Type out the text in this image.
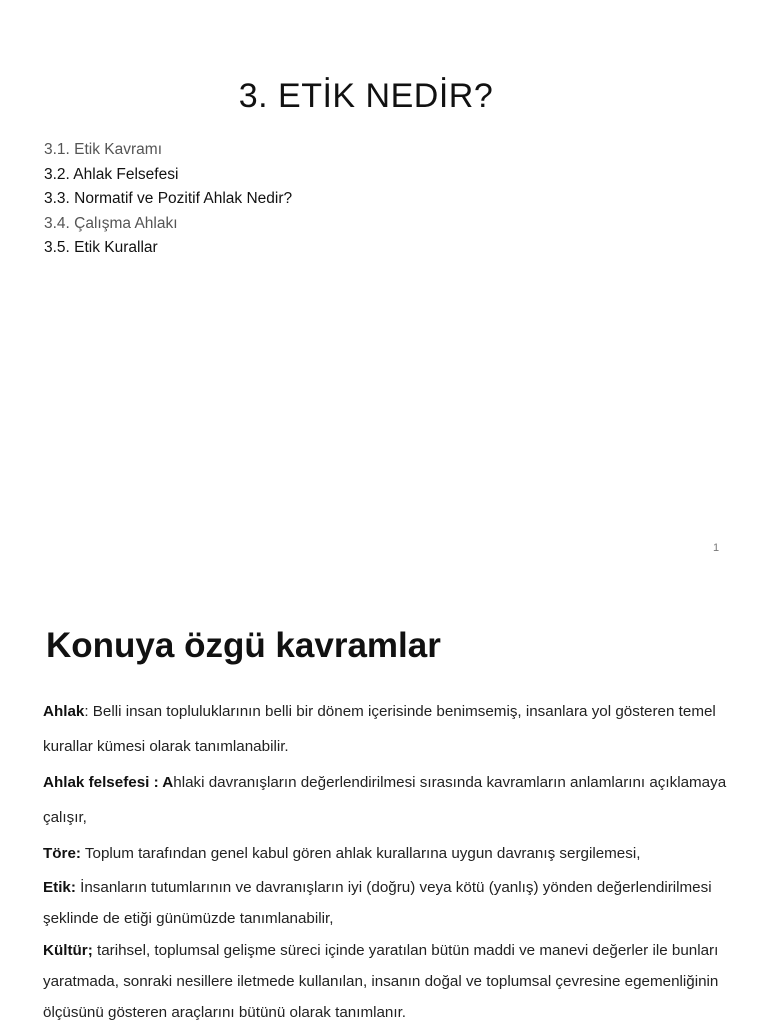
3. ETİK NEDİR?
3.1. Etik Kavramı
3.2. Ahlak Felsefesi
3.3. Normatif ve Pozitif Ahlak Nedir?
3.4. Çalışma Ahlakı
3.5. Etik Kurallar
1
Konuya özgü kavramlar

Ahlak: Belli insan topluluklarının belli bir dönem içerisinde benimsemiş, insanlara yol gösteren temel kurallar kümesi olarak tanımlanabilir.

Ahlak felsefesi : Ahlaki davranışların değerlendirilmesi sırasında kavramların anlamlarını açıklamaya çalışır,

Töre: Toplum tarafından genel kabul gören ahlak kurallarına uygun davranış sergilemesi,

Etik: İnsanların tutumlarının ve davranışların iyi (doğru) veya kötü (yanlış) yönden değerlendirilmesi şeklinde de etiği günümüzde tanımlanabilir,

Kültür; tarihsel, toplumsal gelişme süreci içinde yaratılan bütün maddi ve manevi değerler ile bunları yaratmada, sonraki nesillere iletmede kullanılan, insanın doğal ve toplumsal çevresine egemenliğinin ölçüsünü gösteren araçlarını bütünü olarak tanımlanır.
